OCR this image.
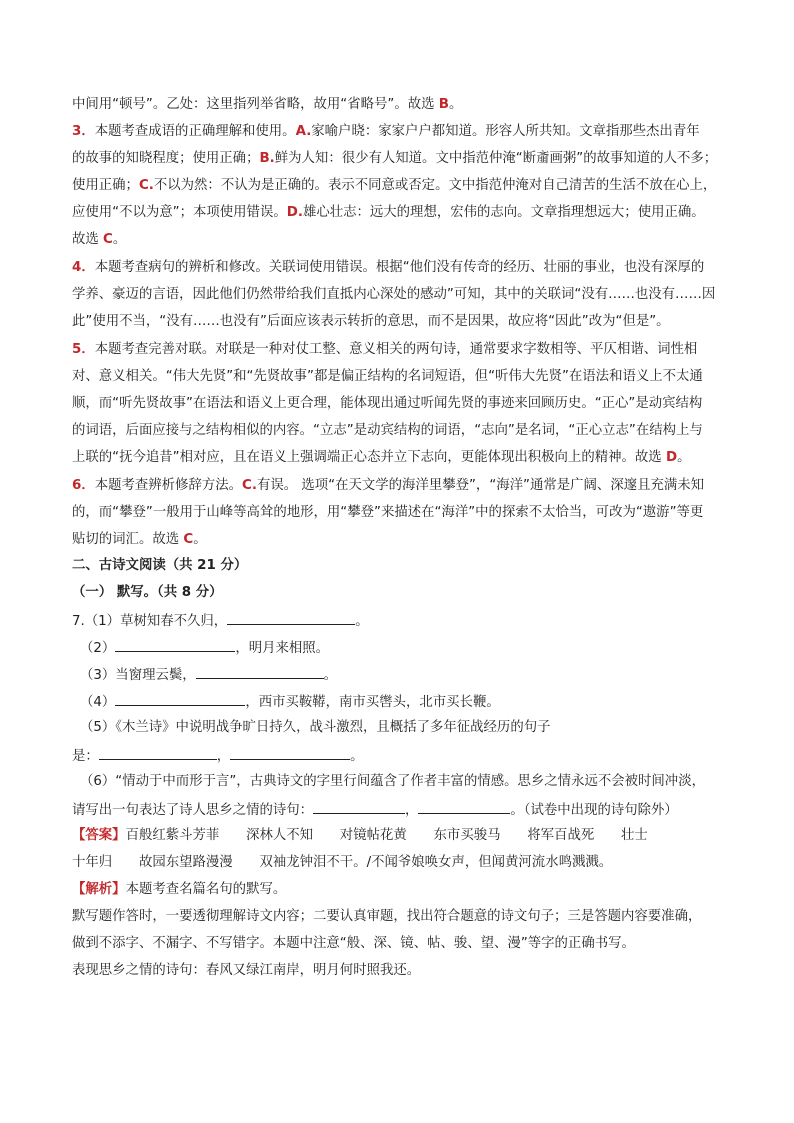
中间用“顿号”。乙处：这里指列举省略，故用“省略号”。故选 B。
3．本题考查成语的正确理解和使用。A.家喻户晓：家家户户都知道。形容人所共知。文章指那些杰出青年
的故事的知晓程度；使用正确；B.鲜为人知：很少有人知道。文中指范仲淹“断齑画粥”的故事知道的人不多；
使用正确；C.不以为然：不认为是正确的。表示不同意或否定。文中指范仲淹对自己清苦的生活不放在心上，
应使用“不以为意”；本项使用错误。D.雄心壮志：远大的理想，宏伟的志向。文章指理想远大；使用正确。
故选 C。
4．本题考查病句的辨析和修改。关联词使用错误。根据“他们没有传奇的经历、壮丽的事业，也没有深厚的
学养、豪迈的言语，因此他们仍然带给我们直抵内心深处的感动”可知，其中的关联词“没有……也没有……因
此”使用不当，“没有……也没有”后面应该表示转折的意思，而不是因果，故应将“因此”改为“但是”。
5．本题考查完善对联。对联是一种对仗工整、意义相关的两句诗，通常要求字数相等、平仄相谐、词性相
对、意义相关。“伟大先贤”和“先贤故事”都是偏正结构的名词短语，但“听伟大先贤”在语法和语义上不太通
顺，而“听先贤故事”在语法和语义上更合理，能体现出通过听闻先贤的事迹来回顾历史。“正心”是动宾结构
的词语，后面应接与之结构相似的内容。“立志”是动宾结构的词语，“志向”是名词，“正心立志”在结构上与
上联的“抚今追昔”相对应，且在语义上强调端正心态并立下志向，更能体现出积极向上的精神。故选 D。
6．本题考查辨析修辞方法。C.有误。 选项“在天文学的海洋里攀登”，“海洋”通常是广阔、深邃且充满未知
的，而“攀登”一般用于山峰等高耸的地形，用“攀登”来描述在“海洋”中的探索不太恰当，可改为“遨游”等更
贴切的词汇。故选 C。
二、古诗文阅读（共 21 分）
（一） 默写。（共 8 分）
7.（1）草树知春不久归，	。
（2）	，明月来相照。
（3）当窗理云鬓，	。
（4）	，西市买鞍鞯，南市买辔头，北市买长鞭。
（5）《木兰诗》中说明战争旷日持久，战斗激烈，且概括了多年征战经历的句子
是：	，	。
（6）“情动于中而形于言”，古典诗文的字里行间蕴含了作者丰富的情感。思乡之情永远不会被时间冲淡，
请写出一句表达了诗人思乡之情的诗句：	，	。（试卷中出现的诗句除外）
【答案】百般红紫斗芳菲　　深林人不知　　对镜帖花黄　　东市买骏马　　将军百战死　　壮士
十年归　　故园东望路漫漫　　双袖龙钟泪不干。/不闻爷娘唤女声，但闻黄河流水鸣溅溅。
【解析】本题考查名篇名句的默写。
默写题作答时，一要透彻理解诗文内容；二要认真审题，找出符合题意的诗文句子；三是答题内容要准确，
做到不添字、不漏字、不写错字。本题中注意“般、深、镜、帖、骏、望、漫”等字的正确书写。
表现思乡之情的诗句：春风又绿江南岸，明月何时照我还。
